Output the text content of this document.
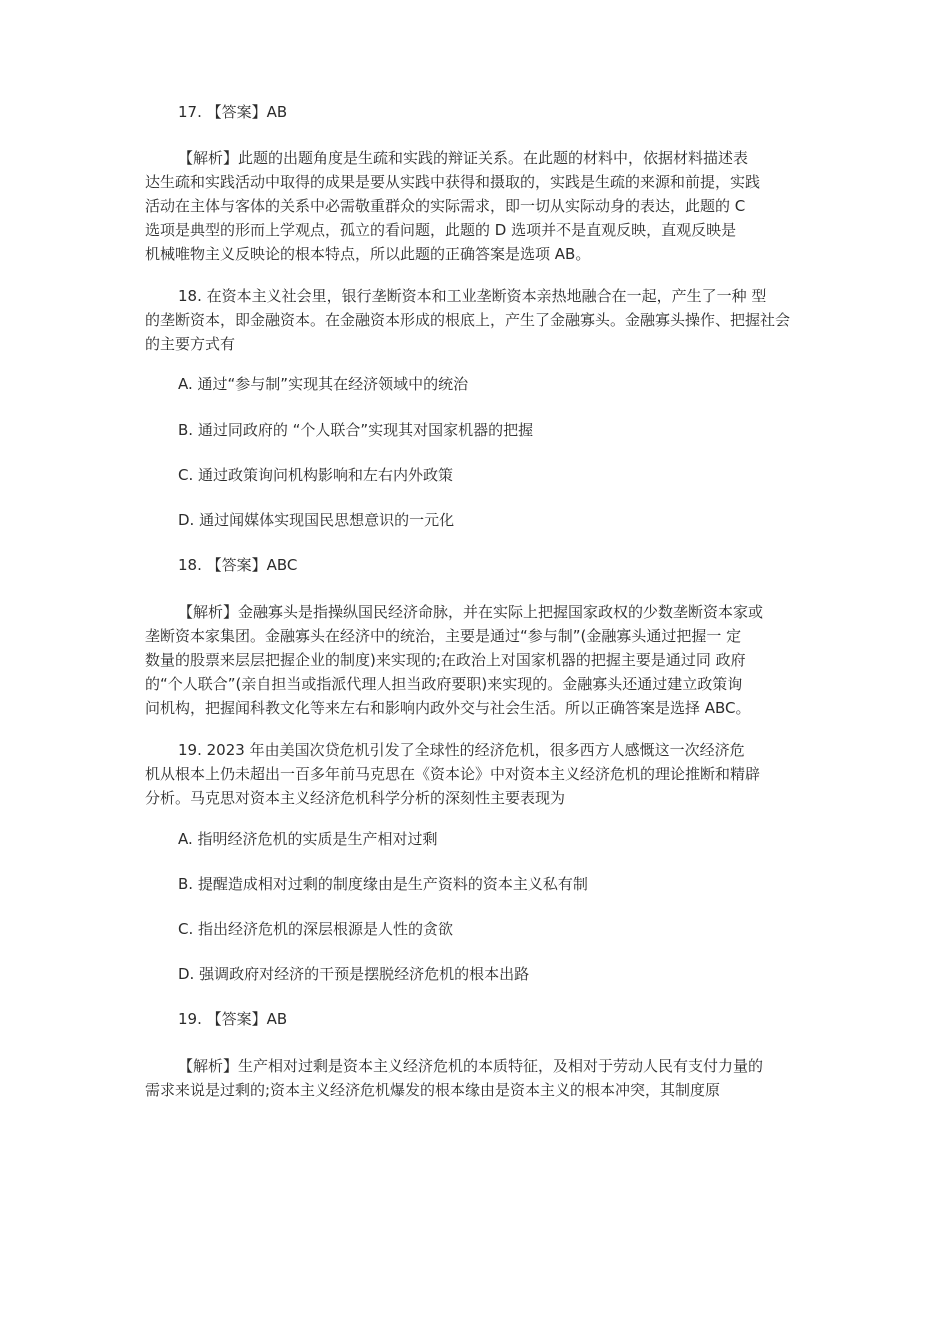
17. 【答案】AB
【解析】此题的出题角度是生疏和实践的辩证关系。在此题的材料中，依据材料描述表
达生疏和实践活动中取得的成果是要从实践中获得和摄取的，实践是生疏的来源和前提，实践
活动在主体与客体的关系中必需敬重群众的实际需求，即一切从实际动身的表达，此题的 C
选项是典型的形而上学观点，孤立的看问题，此题的 D 选项并不是直观反映，直观反映是
机械唯物主义反映论的根本特点，所以此题的正确答案是选项 AB。
18. 在资本主义社会里，银行垄断资本和工业垄断资本亲热地融合在一起，产生了一种 型
的垄断资本，即金融资本。在金融资本形成的根底上，产生了金融寡头。金融寡头操作、把握社会
的主要方式有
A. 通过“参与制”实现其在经济领域中的统治
B. 通过同政府的 “个人联合”实现其对国家机器的把握
C. 通过政策询问机构影响和左右内外政策
D. 通过闻媒体实现国民思想意识的一元化
18. 【答案】ABC
【解析】金融寡头是指操纵国民经济命脉，并在实际上把握国家政权的少数垄断资本家或
垄断资本家集团。金融寡头在经济中的统治，主要是通过“参与制”(金融寡头通过把握一 定
数量的股票来层层把握企业的制度)来实现的;在政治上对国家机器的把握主要是通过同 政府
的“个人联合”(亲自担当或指派代理人担当政府要职)来实现的。金融寡头还通过建立政策询
问机构，把握闻科教文化等来左右和影响内政外交与社会生活。所以正确答案是选择 ABC。
19. 2023 年由美国次贷危机引发了全球性的经济危机，很多西方人感慨这一次经济危
机从根本上仍未超出一百多年前马克思在《资本论》中对资本主义经济危机的理论推断和精辟
分析。马克思对资本主义经济危机科学分析的深刻性主要表现为
A. 指明经济危机的实质是生产相对过剩
B. 提醒造成相对过剩的制度缘由是生产资料的资本主义私有制
C. 指出经济危机的深层根源是人性的贪欲
D. 强调政府对经济的干预是摆脱经济危机的根本出路
19. 【答案】AB
【解析】生产相对过剩是资本主义经济危机的本质特征，及相对于劳动人民有支付力量的
需求来说是过剩的;资本主义经济危机爆发的根本缘由是资本主义的根本冲突，其制度原
